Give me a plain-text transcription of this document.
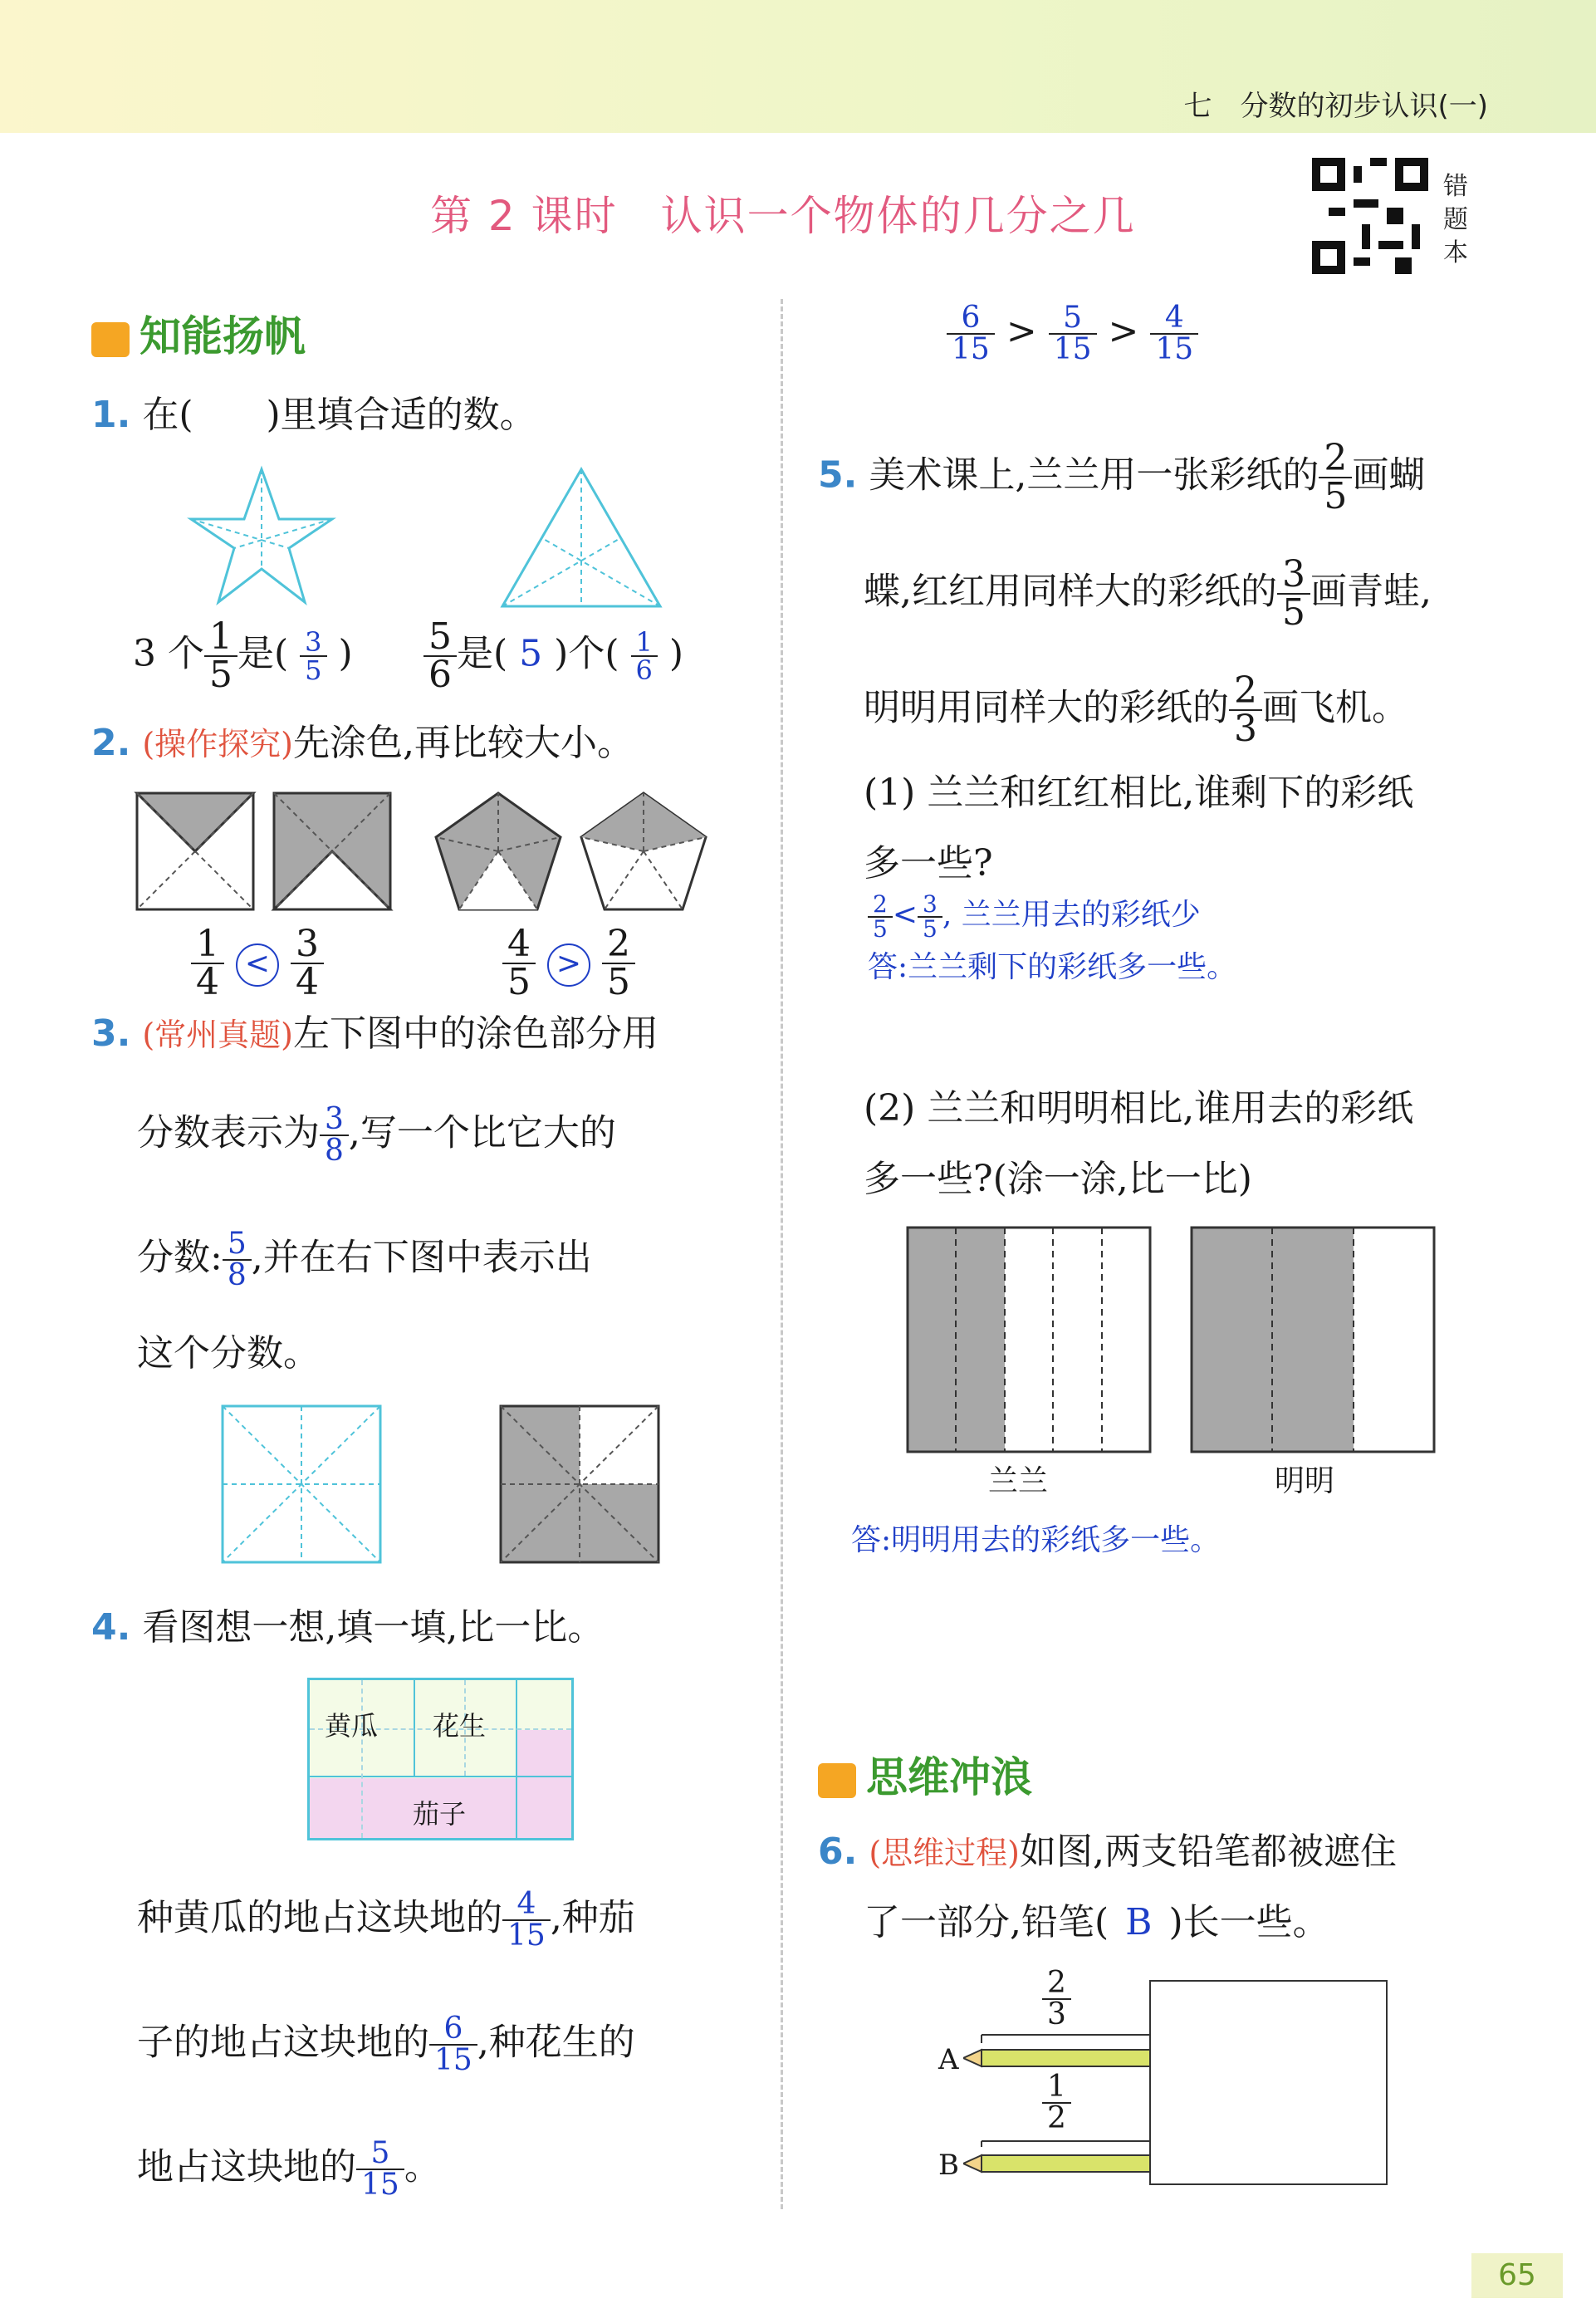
七　分数的初步认识(一)
第 2 课时　认识一个物体的几分之几
错题本
知能扬帆
1. 在(　　)里填合适的数。
3 个 $\frac{1}{5}$ 是( $\frac{3}{5}$ ) $\frac{5}{6}$ 是( 5 )个( $\frac{1}{6}$ )
2. (操作探究)先涂色,再比较大小。
$\frac{1}{4} < \frac{3}{4}$	$\frac{4}{5} > \frac{2}{5}$
3. (常州真题)左下图中的涂色部分用
分数表示为 $\frac{3}{8}$ ,写一个比它大的
分数: $\frac{5}{8}$ ,并在右下图中表示出
这个分数。
4. 看图想一想,填一填,比一比。
黄瓜 花生
茄子
种黄瓜的地占这块地的 $\frac{4}{15}$ ,种茄
子的地占这块地的 $\frac{6}{15}$ ,种花生的
地占这块地的 $\frac{5}{15}$ 。
$\frac{6}{15} > \frac{5}{15} > \frac{4}{15}$
5. 美术课上,兰兰用一张彩纸的 $\frac{2}{5}$ 画蝴
蝶,红红用同样大的彩纸的 $\frac{3}{5}$ 画青蛙,
明明用同样大的彩纸的 $\frac{2}{3}$ 画飞机。
(1) 兰兰和红红相比,谁剩下的彩纸
多一些?
$\frac{2}{5} < \frac{3}{5}$ , 兰兰用去的彩纸少
答:兰兰剩下的彩纸多一些。
(2) 兰兰和明明相比,谁用去的彩纸
多一些?(涂一涂,比一比)
兰兰	明明
答:明明用去的彩纸多一些。
思维冲浪
6. (思维过程)如图,两支铅笔都被遮住
了一部分,铅笔( B )长一些。
$\frac{2}{3}$
$\frac{1}{2}$
A
B
65
